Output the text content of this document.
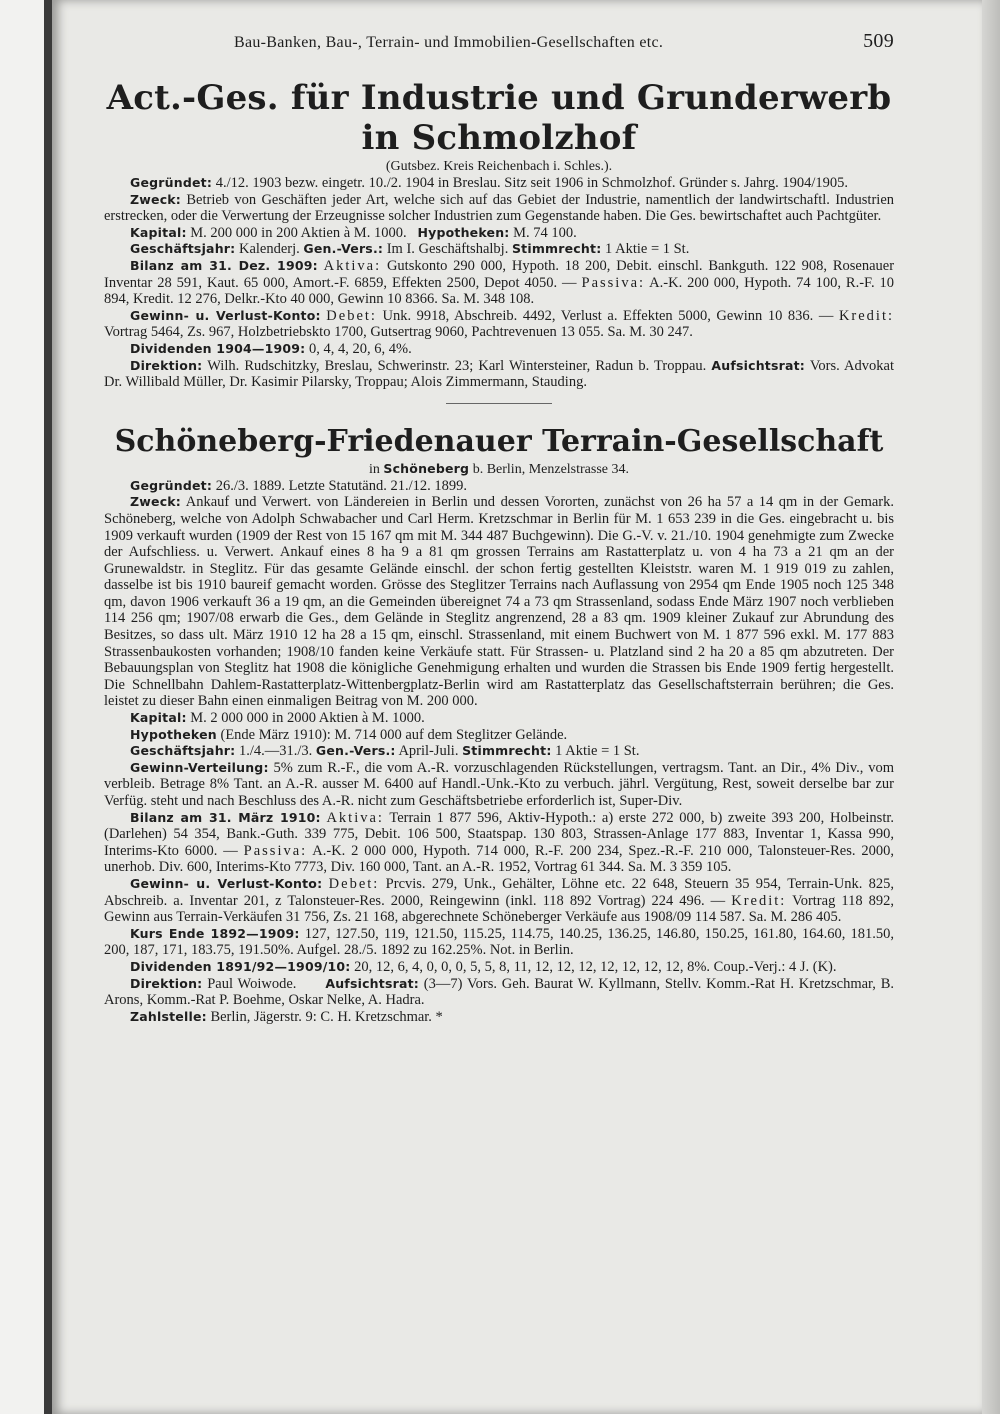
Bau-Banken, Bau-, Terrain- und Immobilien-Gesellschaften etc.	509
Act.-Ges. für Industrie und Grunderwerb in Schmolzhof
(Gutsbez. Kreis Reichenbach i. Schles.).

Gegründet: 4./12. 1903 bezw. eingetr. 10./2. 1904 in Breslau. Sitz seit 1906 in Schmolzhof. Gründer s. Jahrg. 1904/1905.

Zweck: Betrieb von Geschäften jeder Art, welche sich auf das Gebiet der Industrie, namentlich der landwirtschaftl. Industrien erstrecken, oder die Verwertung der Erzeugnisse solcher Industrien zum Gegenstande haben. Die Ges. bewirtschaftet auch Pachtgüter.

Kapital: M. 200 000 in 200 Aktien à M. 1000. Hypotheken: M. 74 100.

Geschäftsjahr: Kalenderj. Gen.-Vers.: Im I. Geschäftshalbj. Stimmrecht: 1 Aktie = 1 St.

Bilanz am 31. Dez. 1909: Aktiva: Gutskonto 290 000, Hypoth. 18 200, Debit. einschl. Bankguth. 122 908, Rosenauer Inventar 28 591, Kaut. 65 000, Amort.-F. 6859, Effekten 2500, Depot 4050. — Passiva: A.-K. 200 000, Hypoth. 74 100, R.-F. 10 894, Kredit. 12 276, Delkr.-Kto 40 000, Gewinn 10 8366. Sa. M. 348 108.

Gewinn- u. Verlust-Konto: Debet: Unk. 9918, Abschreib. 4492, Verlust a. Effekten 5000, Gewinn 10 836. — Kredit: Vortrag 5464, Zs. 967, Holzbetriebskto 1700, Gutsertrag 9060, Pachtrevenuen 13 055. Sa. M. 30 247.

Dividenden 1904—1909: 0, 4, 4, 20, 6, 4%.

Direktion: Wilh. Rudschitzky, Breslau, Schwerinstr. 23; Karl Wintersteiner, Radun b. Troppau. Aufsichtsrat: Vors. Advokat Dr. Willibald Müller, Dr. Kasimir Pilarsky, Troppau; Alois Zimmermann, Stauding.

Schöneberg-Friedenauer Terrain-Gesellschaft
in Schöneberg b. Berlin, Menzelstrasse 34.

Gegründet: 26./3. 1889. Letzte Statutänd. 21./12. 1899.

Zweck: Ankauf und Verwert. von Ländereien in Berlin und dessen Vororten, zunächst von 26 ha 57 a 14 qm in der Gemark. Schöneberg, welche von Adolph Schwabacher und Carl Herm. Kretzschmar in Berlin für M. 1 653 239 in die Ges. eingebracht u. bis 1909 verkauft wurden (1909 der Rest von 15 167 qm mit M. 344 487 Buchgewinn). Die G.-V. v. 21./10. 1904 genehmigte zum Zwecke der Aufschliess. u. Verwert. Ankauf eines 8 ha 9 a 81 qm grossen Terrains am Rastatterplatz u. von 4 ha 73 a 21 qm an der Grunewaldstr. in Steglitz. Für das gesamte Gelände einschl. der schon fertig gestellten Kleiststr. waren M. 1 919 019 zu zahlen, dasselbe ist bis 1910 baureif gemacht worden. Grösse des Steglitzer Terrains nach Auflassung von 2954 qm Ende 1905 noch 125 348 qm, davon 1906 verkauft 36 a 19 qm, an die Gemeinden übereignet 74 a 73 qm Strassenland, sodass Ende März 1907 noch verblieben 114 256 qm; 1907/08 erwarb die Ges., dem Gelände in Steglitz angrenzend, 28 a 83 qm. 1909 kleiner Zukauf zur Abrundung des Besitzes, so dass ult. März 1910 12 ha 28 a 15 qm, einschl. Strassenland, mit einem Buchwert von M. 1 877 596 exkl. M. 177 883 Strassenbaukosten vorhanden; 1908/10 fanden keine Verkäufe statt. Für Strassen- u. Platzland sind 2 ha 20 a 85 qm abzutreten. Der Bebauungsplan von Steglitz hat 1908 die königliche Genehmigung erhalten und wurden die Strassen bis Ende 1909 fertig hergestellt. Die Schnellbahn Dahlem-Rastatterplatz-Wittenbergplatz-Berlin wird am Rastatterplatz das Gesellschaftsterrain berühren; die Ges. leistet zu dieser Bahn einen einmaligen Beitrag von M. 200 000.

Kapital: M. 2 000 000 in 2000 Aktien à M. 1000.

Hypotheken (Ende März 1910): M. 714 000 auf dem Steglitzer Gelände.

Geschäftsjahr: 1./4.—31./3. Gen.-Vers.: April-Juli. Stimmrecht: 1 Aktie = 1 St.

Gewinn-Verteilung: 5% zum R.-F., die vom A.-R. vorzuschlagenden Rückstellungen, vertragsm. Tant. an Dir., 4% Div., vom verbleib. Betrage 8% Tant. an A.-R. ausser M. 6400 auf Handl.-Unk.-Kto zu verbuch. jährl. Vergütung, Rest, soweit derselbe bar zur Verfüg. steht und nach Beschluss des A.-R. nicht zum Geschäftsbetriebe erforderlich ist, Super-Div.

Bilanz am 31. März 1910: Aktiva: Terrain 1 877 596, Aktiv-Hypoth.: a) erste 272 000, b) zweite 393 200, Holbeinstr. (Darlehen) 54 354, Bank.-Guth. 339 775, Debit. 106 500, Staatspap. 130 803, Strassen-Anlage 177 883, Inventar 1, Kassa 990, Interims-Kto 6000. — Passiva: A.-K. 2 000 000, Hypoth. 714 000, R.-F. 200 234, Spez.-R.-F. 210 000, Talonsteuer-Res. 2000, unerhob. Div. 600, Interims-Kto 7773, Div. 160 000, Tant. an A.-R. 1952, Vortrag 61 344. Sa. M. 3 359 105.

Gewinn- u. Verlust-Konto: Debet: Prcvis. 279, Unk., Gehälter, Löhne etc. 22 648, Steuern 35 954, Terrain-Unk. 825, Abschreib. a. Inventar 201, z Talonsteuer-Res. 2000, Reingewinn (inkl. 118 892 Vortrag) 224 496. — Kredit: Vortrag 118 892, Gewinn aus Terrain-Verkäufen 31 756, Zs. 21 168, abgerechnete Schöneberger Verkäufe aus 1908/09 114 587. Sa. M. 286 405.

Kurs Ende 1892—1909: 127, 127.50, 119, 121.50, 115.25, 114.75, 140.25, 136.25, 146.80, 150.25, 161.80, 164.60, 181.50, 200, 187, 171, 183.75, 191.50%. Aufgel. 28./5. 1892 zu 162.25%. Not. in Berlin.

Dividenden 1891/92—1909/10: 20, 12, 6, 4, 0, 0, 0, 5, 5, 8, 11, 12, 12, 12, 12, 12, 12, 12, 8%. Coup.-Verj.: 4 J. (K).

Direktion: Paul Woiwode. Aufsichtsrat: (3—7) Vors. Geh. Baurat W. Kyllmann, Stellv. Komm.-Rat H. Kretzschmar, B. Arons, Komm.-Rat P. Boehme, Oskar Nelke, A. Hadra.

Zahlstelle: Berlin, Jägerstr. 9: C. H. Kretzschmar. *
